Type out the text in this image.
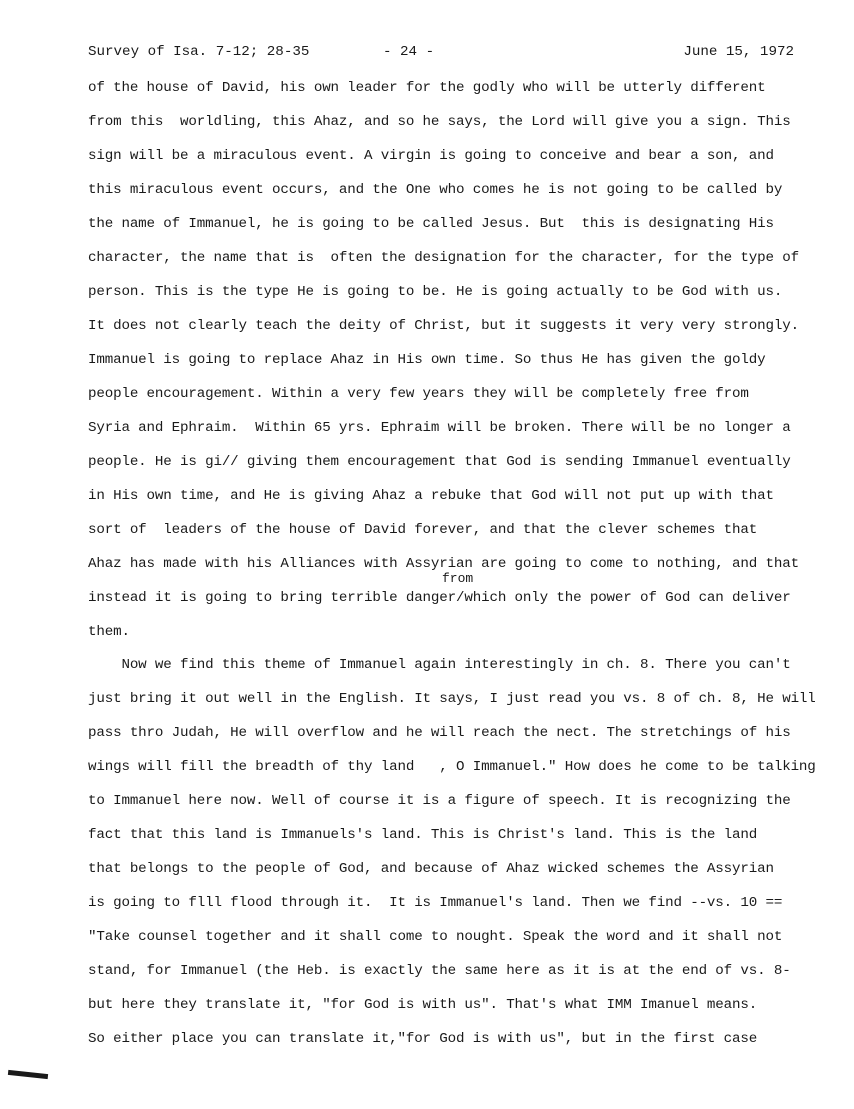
Survey of Isa. 7-12; 28-35	- 24 -	June 15, 1972
of the house of David, his own leader for the godly who will be utterly different
from this  worldling, this Ahaz, and so he says, the Lord will give you a sign. This
sign will be a miraculous event. A virgin is going to conceive and bear a son, and
this miraculous event occurs, and the One who comes he is not going to be called by
the name of Immanuel, he is going to be called Jesus. But  this is designating His
character, the name that is  often the designation for the character, for the type of
person. This is the type He is going to be. He is going actually to be God with us.
It does not clearly teach the deity of Christ, but it suggests it very very strongly.
Immanuel is going to replace Ahaz in His own time. So thus He has given the goldy
people encouragement. Within a very few years they will be completely free from
Syria and Ephraim.  Within 65 yrs. Ephraim will be broken. There will be no longer a
people. He is gi// giving them encouragement that God is sending Immanuel eventually
in His own time, and He is giving Ahaz a rebuke that God will not put up with that
sort of  leaders of the house of David forever, and that the clever schemes that
Ahaz has made with his Alliances with Assyrian are going to come to nothing, and that
from
instead it is going to bring terrible danger/which only the power of God can deliver
them.
Now we find this theme of Immanuel again interestingly in ch. 8. There you can't
just bring it out well in the English. It says, I just read you vs. 8 of ch. 8, He will
pass thro Judah, He will overflow and he will reach the nect. The stretchings of his
wings will fill the breadth of thy land   , O Immanuel." How does he come to be talking
to Immanuel here now. Well of course it is a figure of speech. It is recognizing the
fact that this land is Immanuels's land. This is Christ's land. This is the land
that belongs to the people of God, and because of Ahaz wicked schemes the Assyrian
is going to flll flood through it.  It is Immanuel's land. Then we find --vs. 10 ==
"Take counsel together and it shall come to nought. Speak the word and it shall not
stand, for Immanuel (the Heb. is exactly the same here as it is at the end of vs. 8-
but here they translate it, "for God is with us". That's what IMM Imanuel means.
So either place you can translate it,"for God is with us", but in the first case
